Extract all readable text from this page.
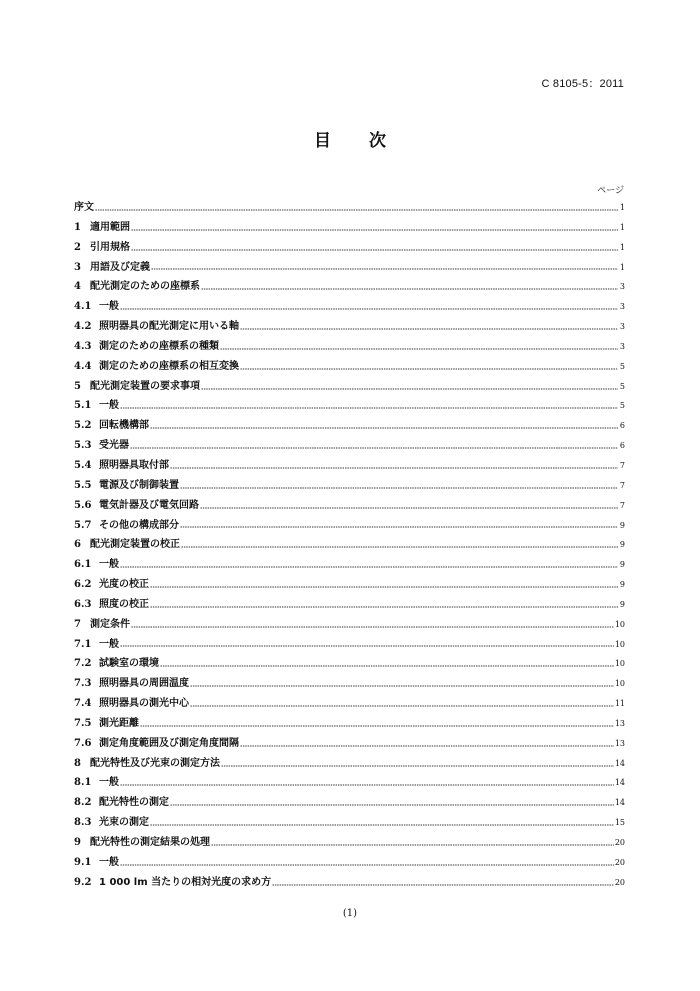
C 8105-5：2011
目 次
ページ
序文	1
1 適用範囲	1
2 引用規格	1
3 用語及び定義	1
4 配光測定のための座標系	3
4.1 一般	3
4.2 照明器具の配光測定に用いる軸	3
4.3 測定のための座標系の種類	3
4.4 測定のための座標系の相互変換	5
5 配光測定装置の要求事項	5
5.1 一般	5
5.2 回転機構部	6
5.3 受光器	6
5.4 照明器具取付部	7
5.5 電源及び制御装置	7
5.6 電気計器及び電気回路	7
5.7 その他の構成部分	9
6 配光測定装置の校正	9
6.1 一般	9
6.2 光度の校正	9
6.3 照度の校正	9
7 測定条件	10
7.1 一般	10
7.2 試験室の環境	10
7.3 照明器具の周囲温度	10
7.4 照明器具の測光中心	11
7.5 測光距離	13
7.6 測定角度範囲及び測定角度間隔	13
8 配光特性及び光束の測定方法	14
8.1 一般	14
8.2 配光特性の測定	14
8.3 光束の測定	15
9 配光特性の測定結果の処理	20
9.1 一般	20
9.2 1 000 lm 当たりの相対光度の求め方	20
(1)
